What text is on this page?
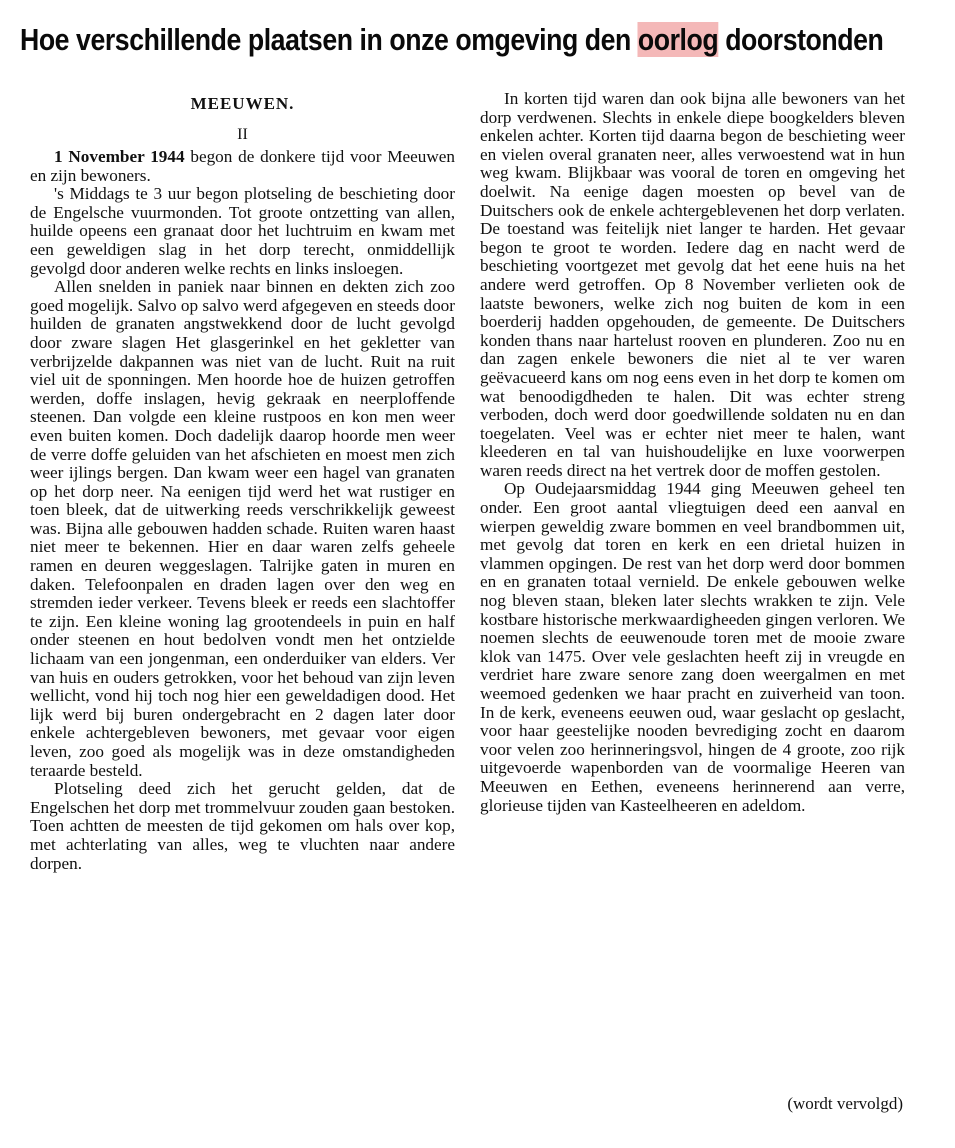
Hoe verschillende plaatsen in onze omgeving den oorlog doorstonden
MEEUWEN.
II

1 November 1944 begon de donkere tijd voor Meeuwen en zijn bewoners.

's Middags te 3 uur begon plotseling de beschieting door de Engelsche vuurmonden. Tot groote ontzetting van allen, huilde opeens een granaat door het luchtruim en kwam met een geweldigen slag in het dorp terecht, onmiddellijk gevolgd door anderen welke rechts en links insloegen.

Allen snelden in paniek naar binnen en dekten zich zoo goed mogelijk. Salvo op salvo werd afgegeven en steeds door huilden de granaten angstwekkend door de lucht gevolgd door zware slagen Het glasgerinkel en het gekletter van verbrijzelde dakpannen was niet van de lucht. Ruit na ruit viel uit de sponningen. Men hoorde hoe de huizen getroffen werden, doffe inslagen, hevig gekraak en neerploffende steenen. Dan volgde een kleine rustpoos en kon men weer even buiten komen. Doch dadelijk daarop hoorde men weer de verre doffe geluiden van het afschieten en moest men zich weer ijlings bergen. Dan kwam weer een hagel van granaten op het dorp neer. Na eenigen tijd werd het wat rustiger en toen bleek, dat de uitwerking reeds verschrikkelijk geweest was. Bijna alle gebouwen hadden schade. Ruiten waren haast niet meer te bekennen. Hier en daar waren zelfs geheele ramen en deuren weggeslagen. Talrijke gaten in muren en daken. Telefoonpalen en draden lagen over den weg en stremden ieder verkeer. Tevens bleek er reeds een slachtoffer te zijn. Een kleine woning lag grootendeels in puin en half onder steenen en hout bedolven vondt men het ontzielde lichaam van een jongenman, een onderduiker van elders. Ver van huis en ouders getrokken, voor het behoud van zijn leven wellicht, vond hij toch nog hier een geweldadigen dood. Het lijk werd bij buren ondergebracht en 2 dagen later door enkele achtergebleven bewoners, met gevaar voor eigen leven, zoo goed als mogelijk was in deze omstandigheden teraarde besteld.

Plotseling deed zich het gerucht gelden, dat de Engelschen het dorp met trommelvuur zouden gaan bestoken. Toen achtten de meesten de tijd gekomen om hals over kop, met achterlating van alles, weg te vluchten naar andere dorpen.

In korten tijd waren dan ook bijna alle bewoners van het dorp verdwenen. Slechts in enkele diepe boogkelders bleven enkelen achter. Korten tijd daarna begon de beschieting weer en vielen overal granaten neer, alles verwoestend wat in hun weg kwam. Blijkbaar was vooral de toren en omgeving het doelwit. Na eenige dagen moesten op bevel van de Duitschers ook de enkele achtergeblevenen het dorp verlaten. De toestand was feitelijk niet langer te harden. Het gevaar begon te groot te worden. Iedere dag en nacht werd de beschieting voortgezet met gevolg dat het eene huis na het andere werd getroffen. Op 8 November verlieten ook de laatste bewoners, welke zich nog buiten de kom in een boerderij hadden opgehouden, de gemeente. De Duitschers konden thans naar hartelust rooven en plunderen. Zoo nu en dan zagen enkele bewoners die niet al te ver waren geëvacueerd kans om nog eens even in het dorp te komen om wat benoodigdheden te halen. Dit was echter streng verboden, doch werd door goedwillende soldaten nu en dan toegelaten. Veel was er echter niet meer te halen, want kleederen en tal van huishoudelijke en luxe voorwerpen waren reeds direct na het vertrek door de moffen gestolen.

Op Oudejaarsmiddag 1944 ging Meeuwen geheel ten onder. Een groot aantal vliegtuigen deed een aanval en wierpen geweldig zware bommen en veel brandbommen uit, met gevolg dat toren en kerk en een drietal huizen in vlammen opgingen. De rest van het dorp werd door bommen en en granaten totaal vernield. De enkele gebouwen welke nog bleven staan, bleken later slechts wrakken te zijn. Vele kostbare historische merkwaardigheeden gingen verloren. We noemen slechts de eeuwenoude toren met de mooie zware klok van 1475. Over vele geslachten heeft zij in vreugde en verdriet hare zware senore zang doen weergalmen en met weemoed gedenken we haar pracht en zuiverheid van toon. In de kerk, eveneens eeuwen oud, waar geslacht op geslacht, voor haar geestelijke nooden bevrediging zocht en daarom voor velen zoo herinneringsvol, hingen de 4 groote, zoo rijk uitgevoerde wapenborden van de voormalige Heeren van Meeuwen en Eethen, eveneens herinnerend aan verre, glorieuse tijden van Kasteelheeren en adeldom.

(wordt vervolgd)
